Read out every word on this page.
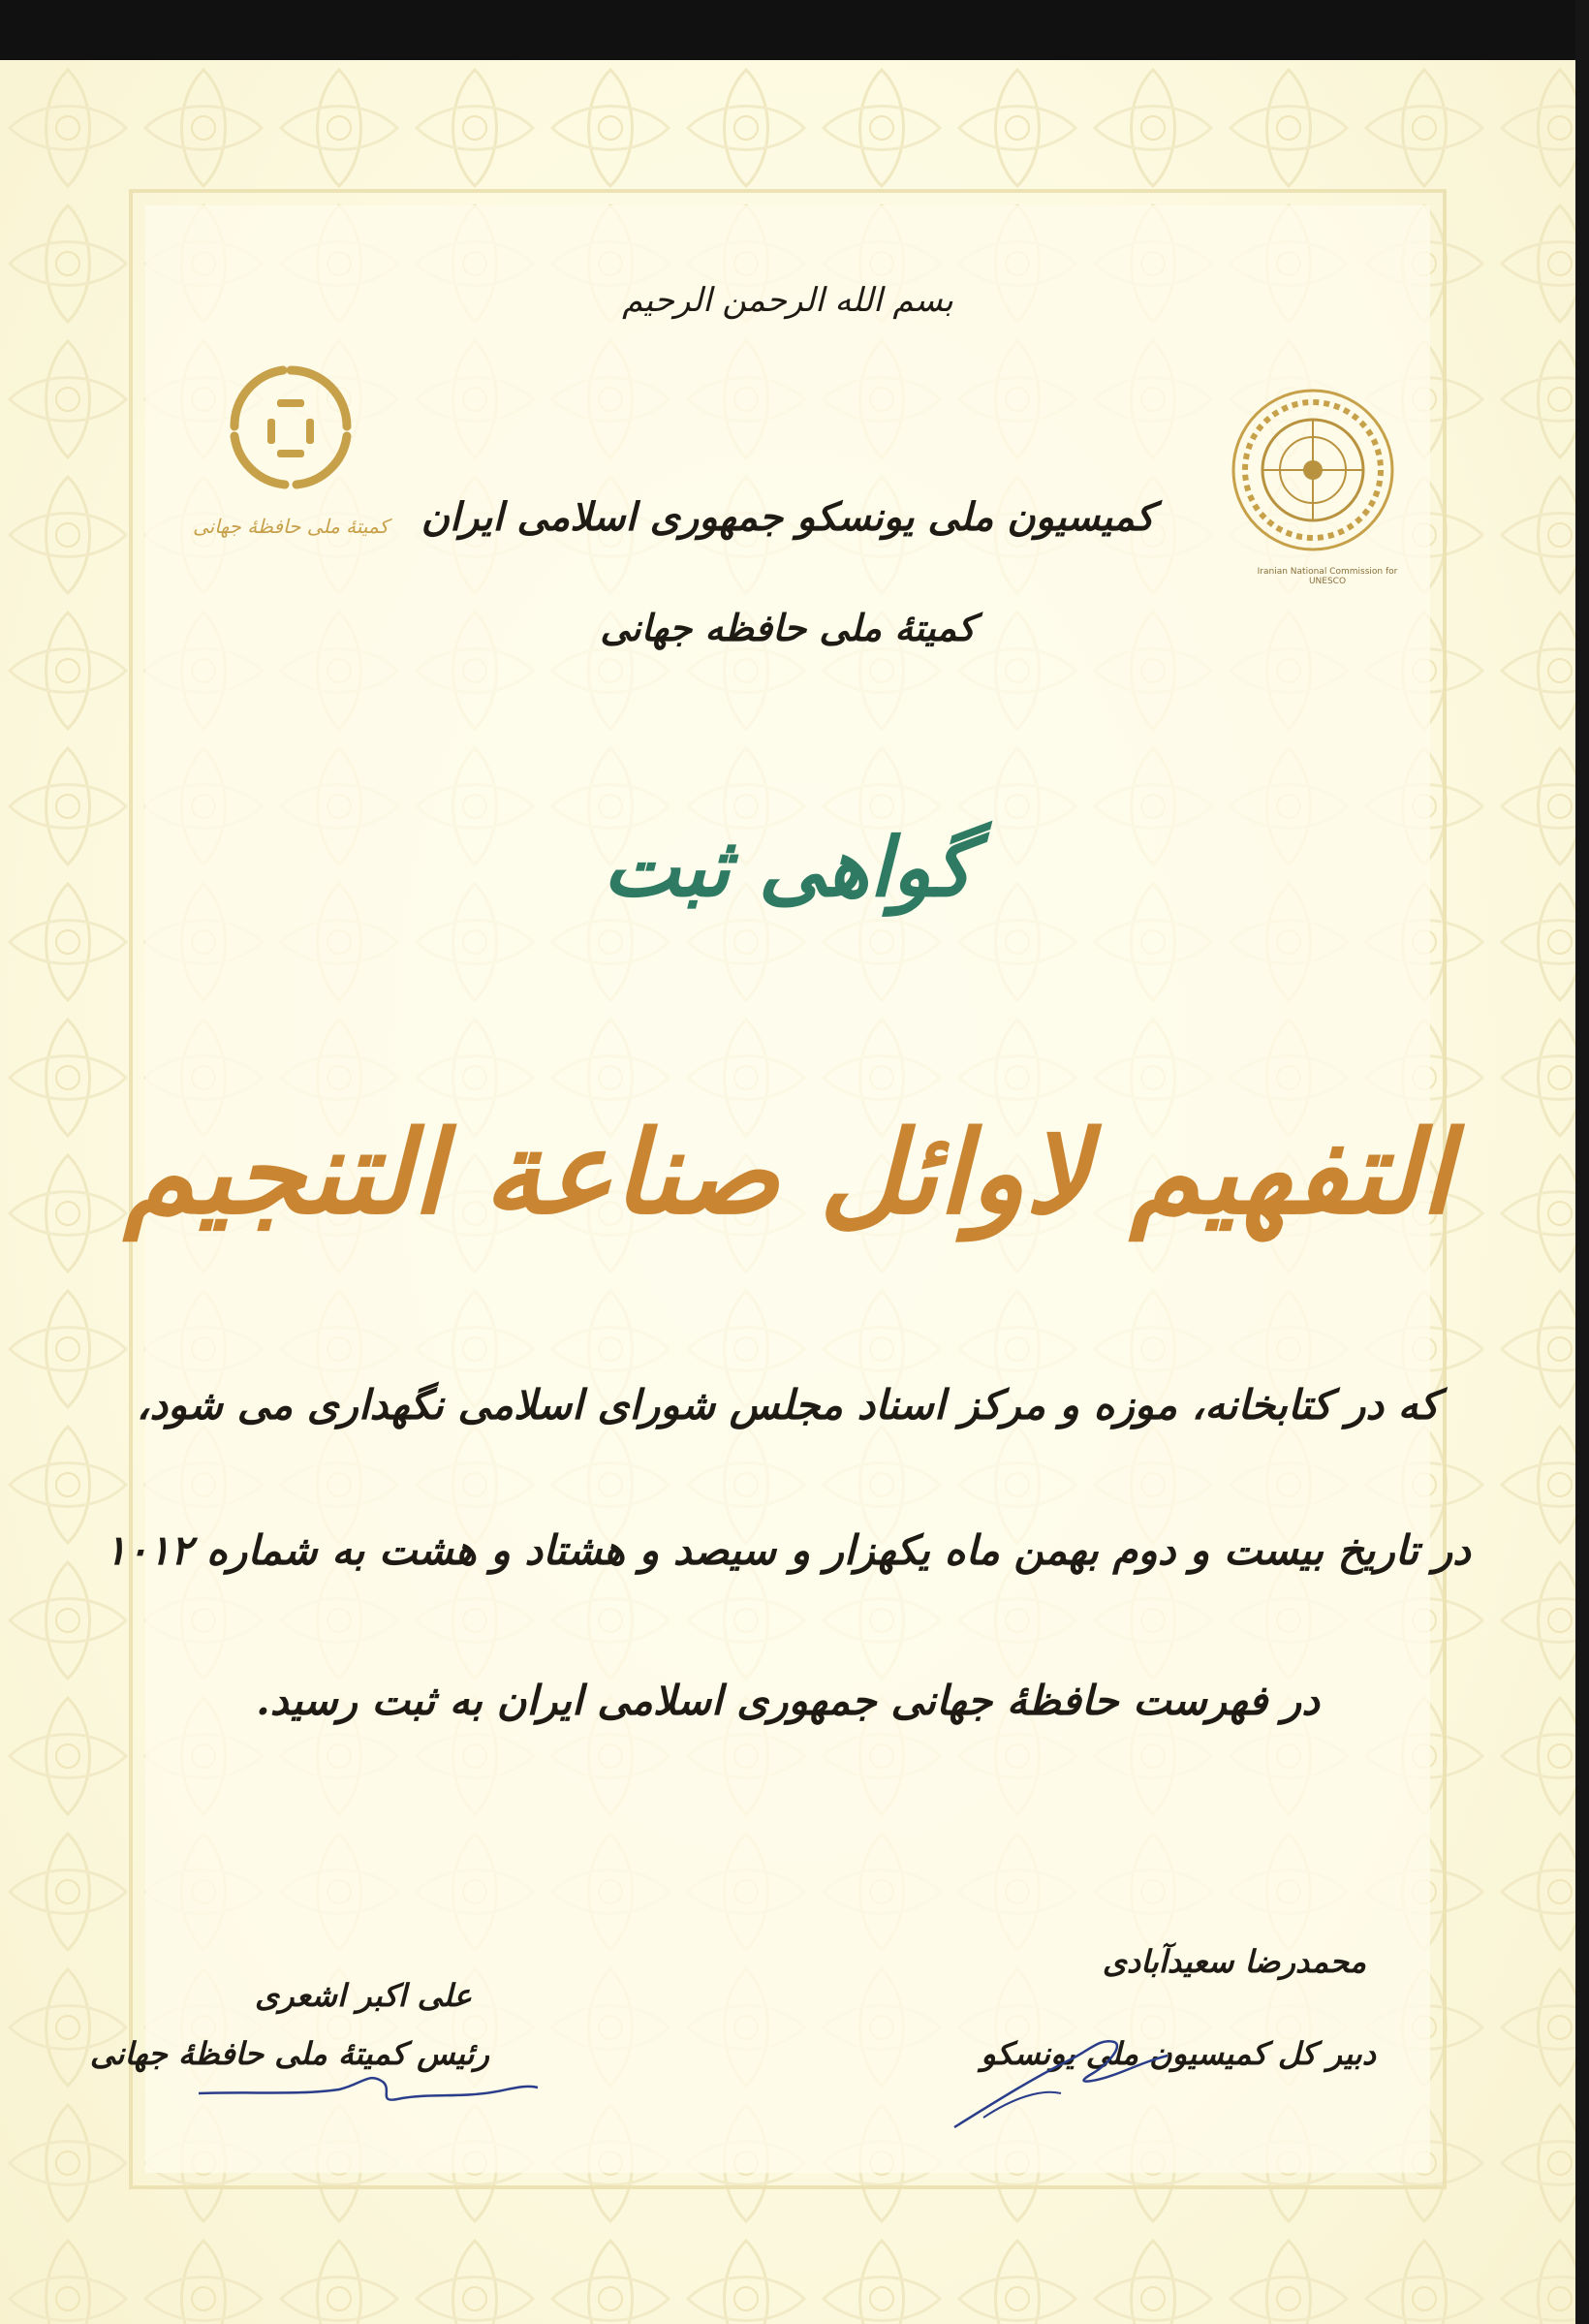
کمیتهٔ ملی حافظهٔ جهانی
Iranian National Commission for UNESCO
بسم الله الرحمن الرحیم
کمیسیون ملی یونسکو جمهوری اسلامی ایران
کمیتهٔ ملی حافظه جهانی
گواهی ثبت
التفهیم لاوائل صناعة التنجیم
که در کتابخانه، موزه و مرکز اسناد مجلس شورای اسلامی نگهداری می شود،
در تاریخ بیست و دوم بهمن ماه یکهزار و سیصد و هشتاد و هشت به شماره ۱۰۱۲
در فهرست حافظهٔ جهانی جمهوری اسلامی ایران به ثبت رسید.
علی اکبر اشعری
رئیس کمیتهٔ ملی حافظهٔ جهانی
محمدرضا سعیدآبادی
دبیر کل کمیسیون ملی یونسکو
